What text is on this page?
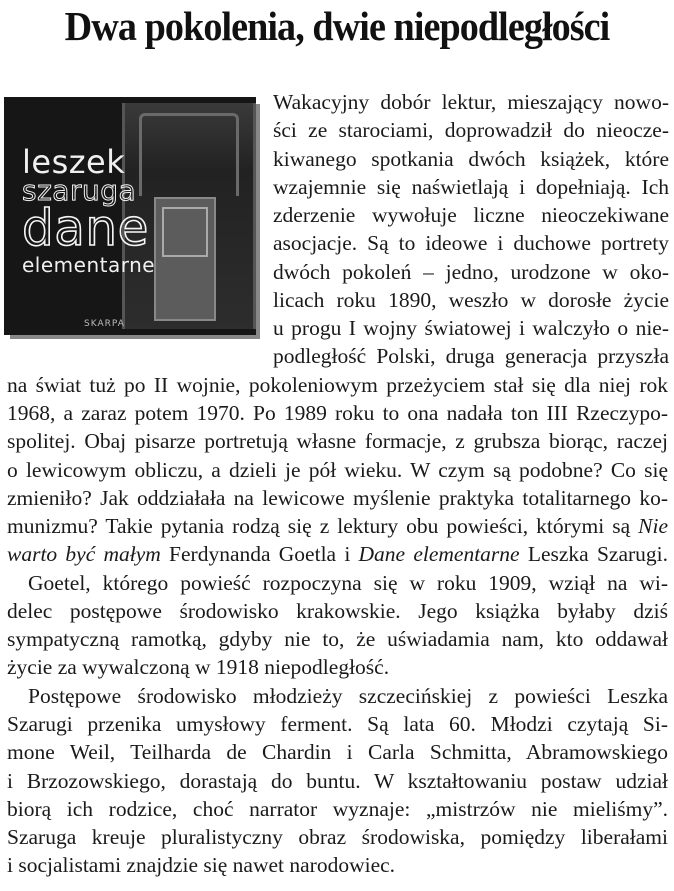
Dwa pokolenia, dwie niepodległości
leszek
szaruga
dane
elementarne
SKARPA
Wakacyjny dobór lektur, mieszający nowo-
ści ze starociami, doprowadził do nieocze-
kiwanego spotkania dwóch książek, które
wzajemnie się naświetlają i dopełniają. Ich
zderzenie wywołuje liczne nieoczekiwane
asocjacje. Są to ideowe i duchowe portrety
dwóch pokoleń – jedno, urodzone w oko-
licach roku 1890, weszło w dorosłe życie
u progu I wojny światowej i walczyło o nie-
podległość Polski, druga generacja przyszła
na świat tuż po II wojnie, pokoleniowym przeżyciem stał się dla niej rok
1968, a zaraz potem 1970. Po 1989 roku to ona nadała ton III Rzeczypo-
spolitej. Obaj pisarze portretują własne formacje, z grubsza biorąc, raczej
o lewicowym obliczu, a dzieli je pół wieku. W czym są podobne? Co się
zmieniło? Jak oddziałała na lewicowe myślenie praktyka totalitarnego ko-
munizmu? Takie pytania rodzą się z lektury obu powieści, którymi są Nie
warto być małym Ferdynanda Goetla i Dane elementarne Leszka Szarugi.
Goetel, którego powieść rozpoczyna się w roku 1909, wziął na wi-
delec postępowe środowisko krakowskie. Jego książka byłaby dziś
sympatyczną ramotką, gdyby nie to, że uświadamia nam, kto oddawał
życie za wywalczoną w 1918 niepodległość.
Postępowe środowisko młodzieży szczecińskiej z powieści Leszka
Szarugi przenika umysłowy ferment. Są lata 60. Młodzi czytają Si-
mone Weil, Teilharda de Chardin i Carla Schmitta, Abramowskiego
i Brzozowskiego, dorastają do buntu. W kształtowaniu postaw udział
biorą ich rodzice, choć narrator wyznaje: „mistrzów nie mieliśmy”.
Szaruga kreuje pluralistyczny obraz środowiska, pomiędzy liberałami
i socjalistami znajdzie się nawet narodowiec.
